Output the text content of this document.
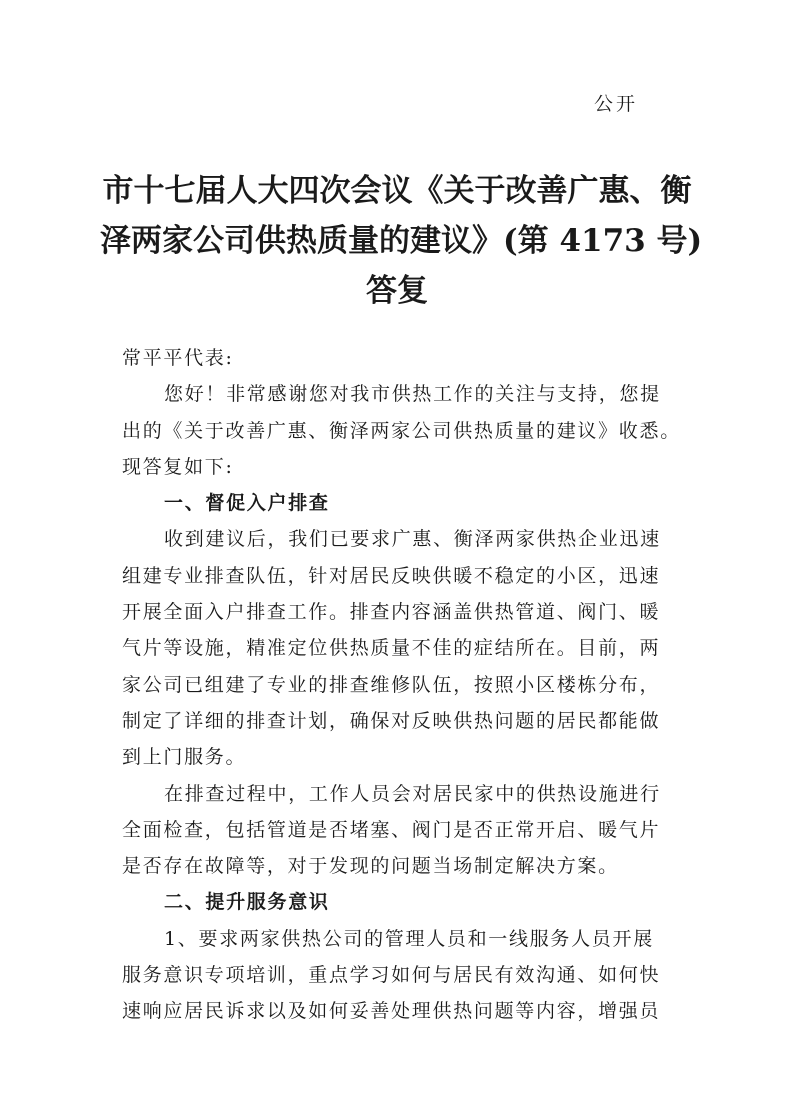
公开
市十七届人大四次会议《关于改善广惠、衡
泽两家公司供热质量的建议》(第 4173 号)
答复
常平平代表:
您好！非常感谢您对我市供热工作的关注与支持，您提
出的《关于改善广惠、衡泽两家公司供热质量的建议》收悉。
现答复如下:
一、督促入户排查
收到建议后，我们已要求广惠、衡泽两家供热企业迅速
组建专业排查队伍，针对居民反映供暖不稳定的小区，迅速
开展全面入户排查工作。排查内容涵盖供热管道、阀门、暖
气片等设施，精准定位供热质量不佳的症结所在。目前，两
家公司已组建了专业的排查维修队伍，按照小区楼栋分布，
制定了详细的排查计划，确保对反映供热问题的居民都能做
到上门服务。
在排查过程中，工作人员会对居民家中的供热设施进行
全面检查，包括管道是否堵塞、阀门是否正常开启、暖气片
是否存在故障等，对于发现的问题当场制定解决方案。
二、提升服务意识
1、要求两家供热公司的管理人员和一线服务人员开展
服务意识专项培训，重点学习如何与居民有效沟通、如何快
速响应居民诉求以及如何妥善处理供热问题等内容，增强员
